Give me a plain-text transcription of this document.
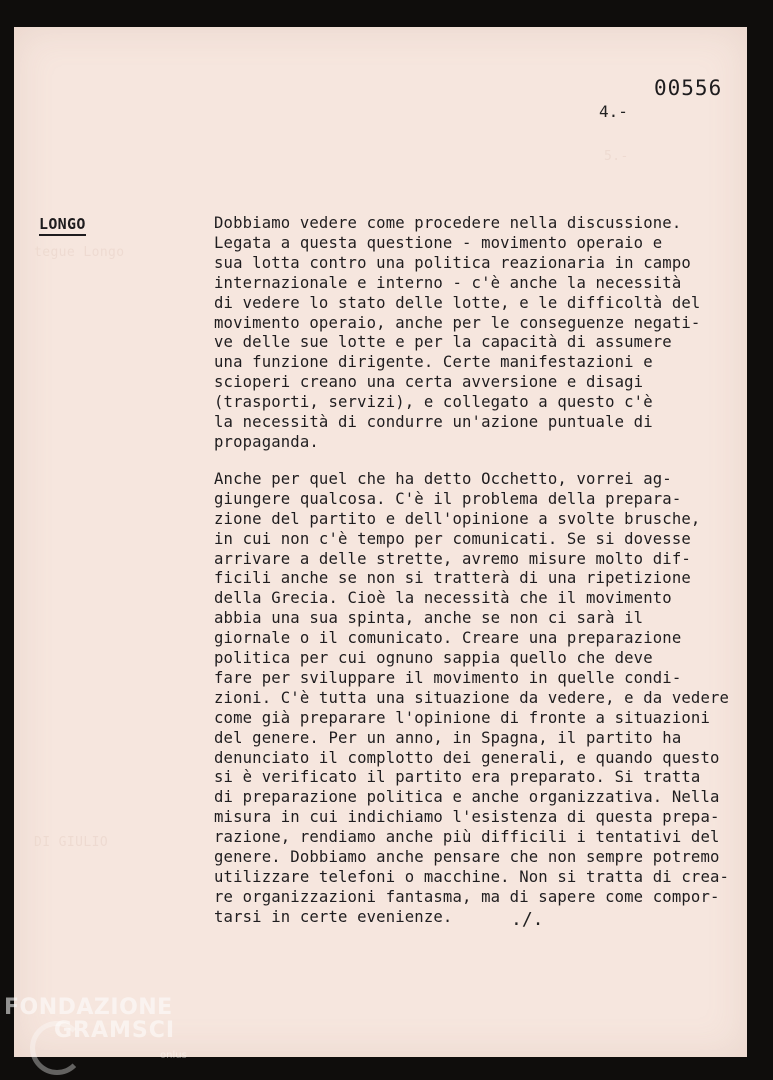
tegue Longo
5.-
DI GIULIO
00556
4.-
LONGO	Dobbiamo vedere come procedere nella discussione.
Legata a questa questione - movimento operaio e
sua lotta contro una politica reazionaria in campo
internazionale e interno - c'è anche la necessità
di vedere lo stato delle lotte, e le difficoltà del
movimento operaio, anche per le conseguenze negati-
ve delle sue lotte e per la capacità di assumere
una funzione dirigente. Certe manifestazioni e
scioperi creano una certa avversione e disagi
(trasporti, servizi), e collegato a questo c'è
la necessità di condurre un'azione puntuale di
propaganda.

Anche per quel che ha detto Occhetto, vorrei ag-
giungere qualcosa. C'è il problema della prepara-
zione del partito e dell'opinione a svolte brusche,
in cui non c'è tempo per comunicati. Se si dovesse
arrivare a delle strette, avremo misure molto dif-
ficili anche se non si tratterà di una ripetizione
della Grecia. Cioè la necessità che il movimento
abbia una sua spinta, anche se non ci sarà il
giornale o il comunicato. Creare una preparazione
politica per cui ognuno sappia quello che deve
fare per sviluppare il movimento in quelle condi-
zioni. C'è tutta una situazione da vedere, e da vedere
come già preparare l'opinione di fronte a situazioni
del genere. Per un anno, in Spagna, il partito ha
denunciato il complotto dei generali, e quando questo
si è verificato il partito era preparato. Si tratta
di preparazione politica e anche organizzativa. Nella
misura in cui indichiamo l'esistenza di questa prepa-
razione, rendiamo anche più difficili i tentativi del
genere. Dobbiamo anche pensare che non sempre potremo
utilizzare telefoni o macchine. Non si tratta di crea-
re organizzazioni fantasma, ma di sapere come compor-
tarsi in certe evenienze.	./.
FONDAZIONE
GRAMSCI
onlus
